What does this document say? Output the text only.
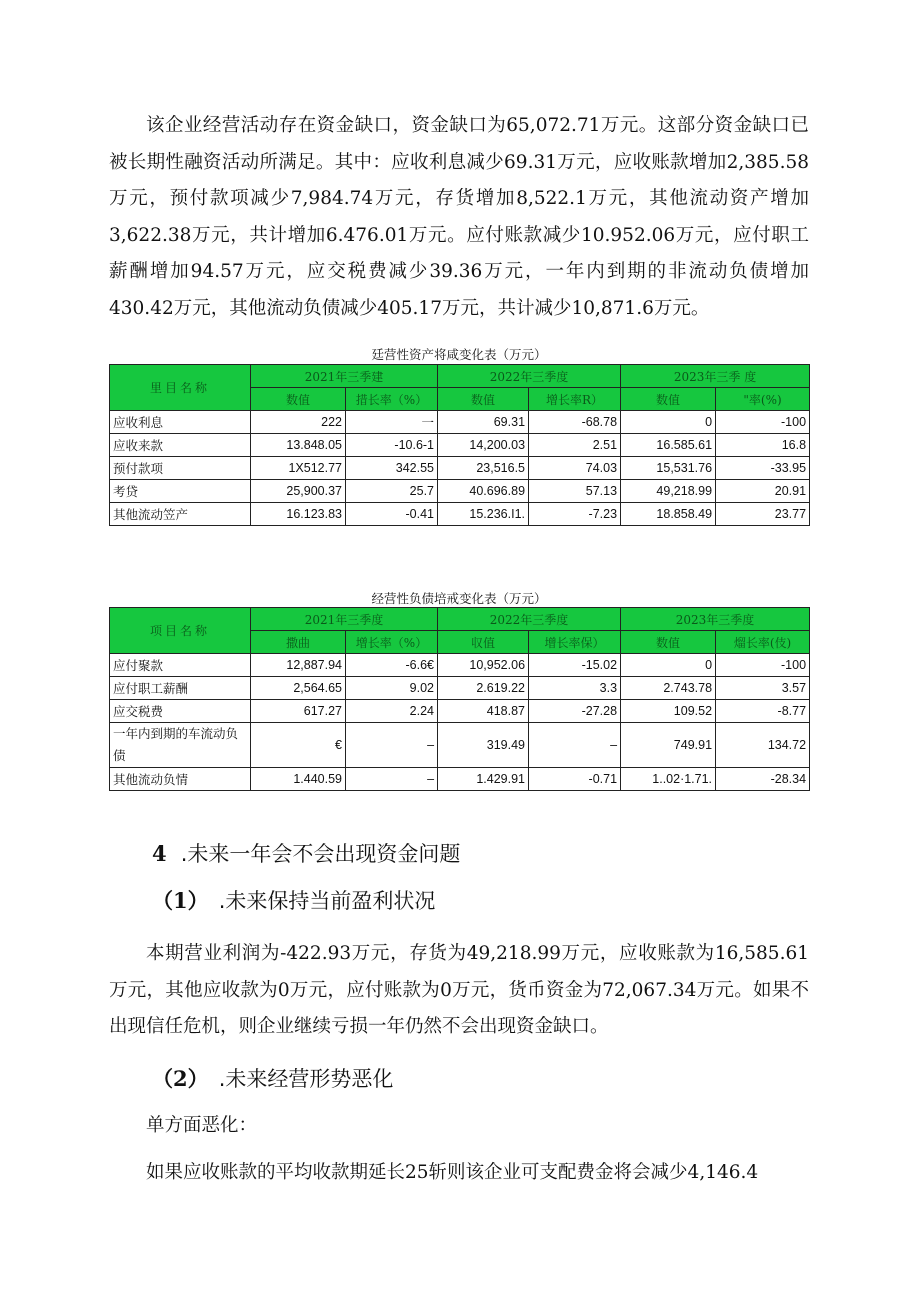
该企业经营活动存在资金缺口，资金缺口为65,072.71万元。这部分资金缺口已被长期性融资活动所满足。其中：应收利息减少69.31万元，应收账款增加2,385.58万元，预付款项减少7,984.74万元，存货增加8,522.1万元，其他流动资产增加3,622.38万元，共计增加6.476.01万元。应付账款减少10.952.06万元，应付职工薪酬增加94.57万元，应交税费减少39.36万元，一年内到期的非流动负债增加430.42万元，其他流动负债减少405.17万元，共计减少10,871.6万元。

廷营性资产将咸变化表（万元）
里目名称	2021年三季建		2022年三季度		2023年三季 度	
	数值	措长率（%）	数值	增长率R）	数值	"率(%)
应收利息	222	一	69.31	-68.78	0	-100
应收来款	13.848.05	-10.6-1	14,200.03	2.51	16.585.61	16.8
预付款项	1X512.77	342.55	23,516.5	74.03	15,531.76	-33.95
考贷	25,900.37	25.7	40.696.89	57.13	49,218.99	20.91
其他流动笠产	16.123.83	-0.41	15.236.I1.	-7.23	18.858.49	23.77
经营性负债培戒变化表（万元）
项目名称	2021年三季度		2022年三季度		2023年三季度	
	撒曲	增长率（%）	収值	增长率保）	数值	熘长率(伎)
应付聚款	12,887.94	-6.6€	10,952.06	-15.02	0	-100
应付职工薪酬	2,564.65	9.02	2.619.22	3.3	2.743.78	3.57
应交税费	617.27	2.24	418.87	-27.28	109.52	-8.77
一年内到期的车流动负债	€	–	319.49	–	749.91	134.72
其他流动负情	1.440.59	–	1.429.91	-0.71	1..02·1.71.	-28.34
4 .未来一年会不会出现资金问题
（1） .未来保持当前盈利状况

本期营业利润为-422.93万元，存货为49,218.99万元，应收账款为16,585.61万元，其他应收款为0万元，应付账款为0万元，货币资金为72,067.34万元。如果不出现信任危机，则企业继续亏损一年仍然不会出现资金缺口。

（2） .未来经营形势恶化

单方面恶化：

如果应收账款的平均收款期延长25斩则该企业可支配费金将会减少4,146.4
